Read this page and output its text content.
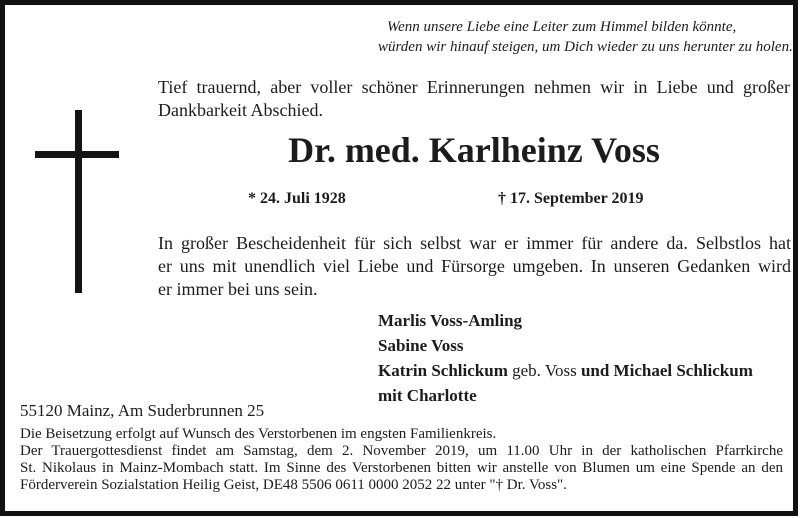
Wenn unsere Liebe eine Leiter zum Himmel bilden könnte,
würden wir hinauf steigen, um Dich wieder zu uns herunter zu holen.
Tief trauernd, aber voller schöner Erinnerungen nehmen wir in Liebe und großer
Dankbarkeit Abschied.
Dr. med. Karlheinz Voss
* 24. Juli 1928	† 17. September 2019
In großer Bescheidenheit für sich selbst war er immer für andere da. Selbstlos hat
er uns mit unendlich viel Liebe und Fürsorge umgeben. In unseren Gedanken wird
er immer bei uns sein.
Marlis Voss-Amling
Sabine Voss
Katrin Schlickum geb. Voss und Michael Schlickum
mit Charlotte
55120 Mainz, Am Suderbrunnen 25
Die Beisetzung erfolgt auf Wunsch des Verstorbenen im engsten Familienkreis.
Der Trauergottesdienst findet am Samstag, dem 2. November 2019, um 11.00 Uhr in der katholischen Pfarrkirche
St. Nikolaus in Mainz-Mombach statt. Im Sinne des Verstorbenen bitten wir anstelle von Blumen um eine Spende an den
Förderverein Sozialstation Heilig Geist, DE48 5506 0611 0000 2052 22 unter "† Dr. Voss".
